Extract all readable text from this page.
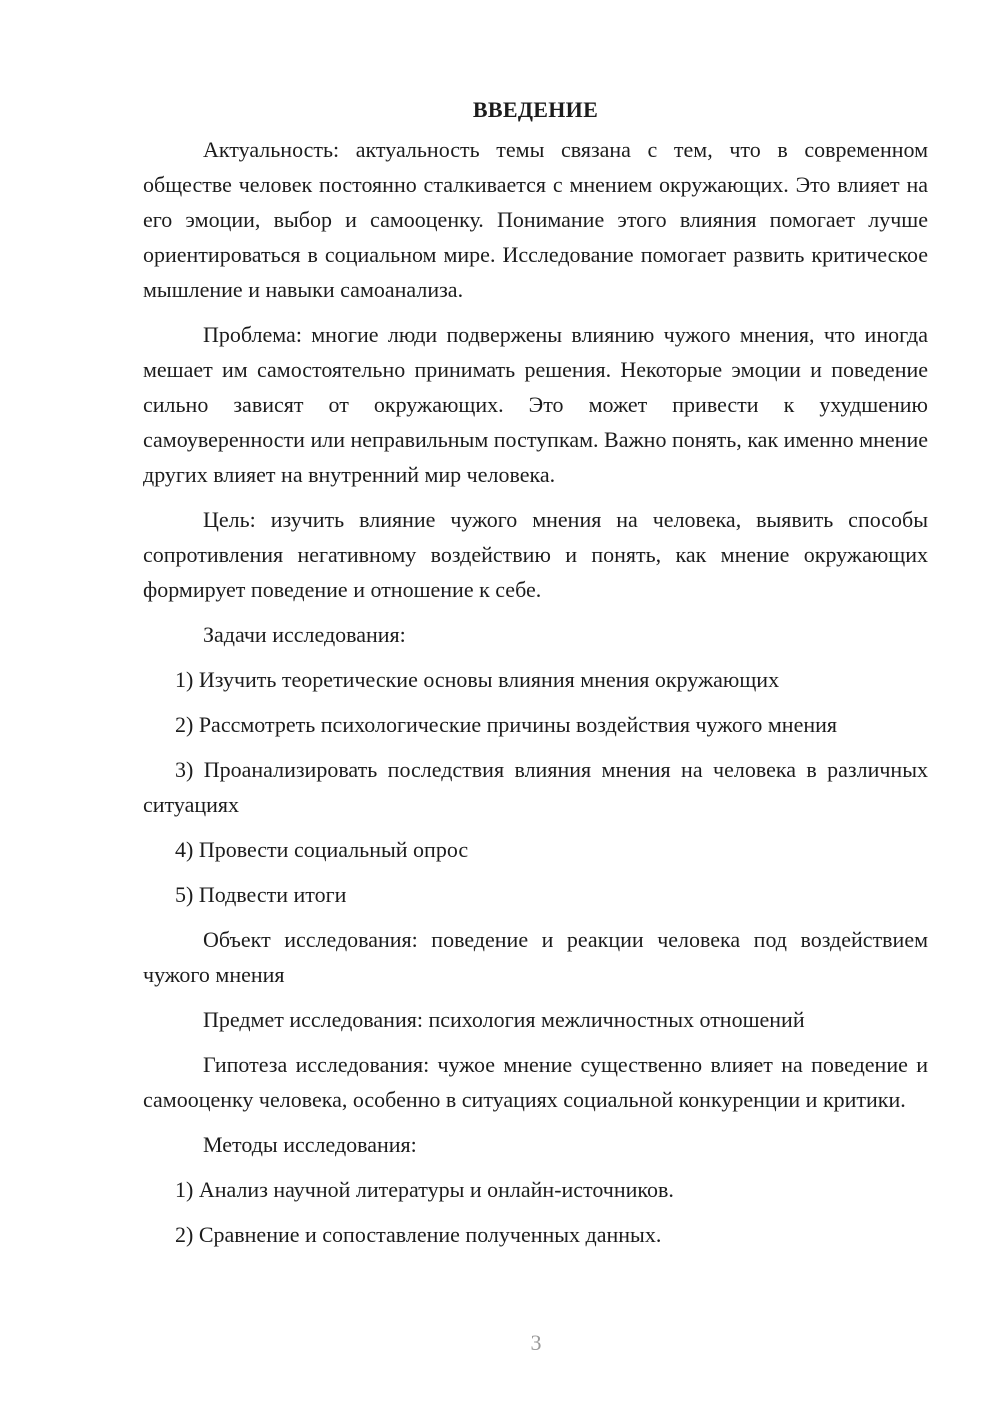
ВВЕДЕНИЕ

Актуальность: актуальность темы связана с тем, что в современном обществе человек постоянно сталкивается с мнением окружающих. Это влияет на его эмоции, выбор и самооценку. Понимание этого влияния помогает лучше ориентироваться в социальном мире. Исследование помогает развить критическое мышление и навыки самоанализа.

Проблема: многие люди подвержены влиянию чужого мнения, что иногда мешает им самостоятельно принимать решения. Некоторые эмоции и поведение сильно зависят от окружающих. Это может привести к ухудшению самоуверенности или неправильным поступкам. Важно понять, как именно мнение других влияет на внутренний мир человека.

Цель: изучить влияние чужого мнения на человека, выявить способы сопротивления негативному воздействию и понять, как мнение окружающих формирует поведение и отношение к себе.

Задачи исследования:

1) Изучить теоретические основы влияния мнения окружающих

2) Рассмотреть психологические причины воздействия чужого мнения

3) Проанализировать последствия влияния мнения на человека в различных ситуациях

4) Провести социальный опрос

5) Подвести итоги

Объект исследования: поведение и реакции человека под воздействием чужого мнения

Предмет исследования: психология межличностных отношений

Гипотеза исследования: чужое мнение существенно влияет на поведение и самооценку человека, особенно в ситуациях социальной конкуренции и критики.

Методы исследования:

1) Анализ научной литературы и онлайн-источников.

2) Сравнение и сопоставление полученных данных.

3
